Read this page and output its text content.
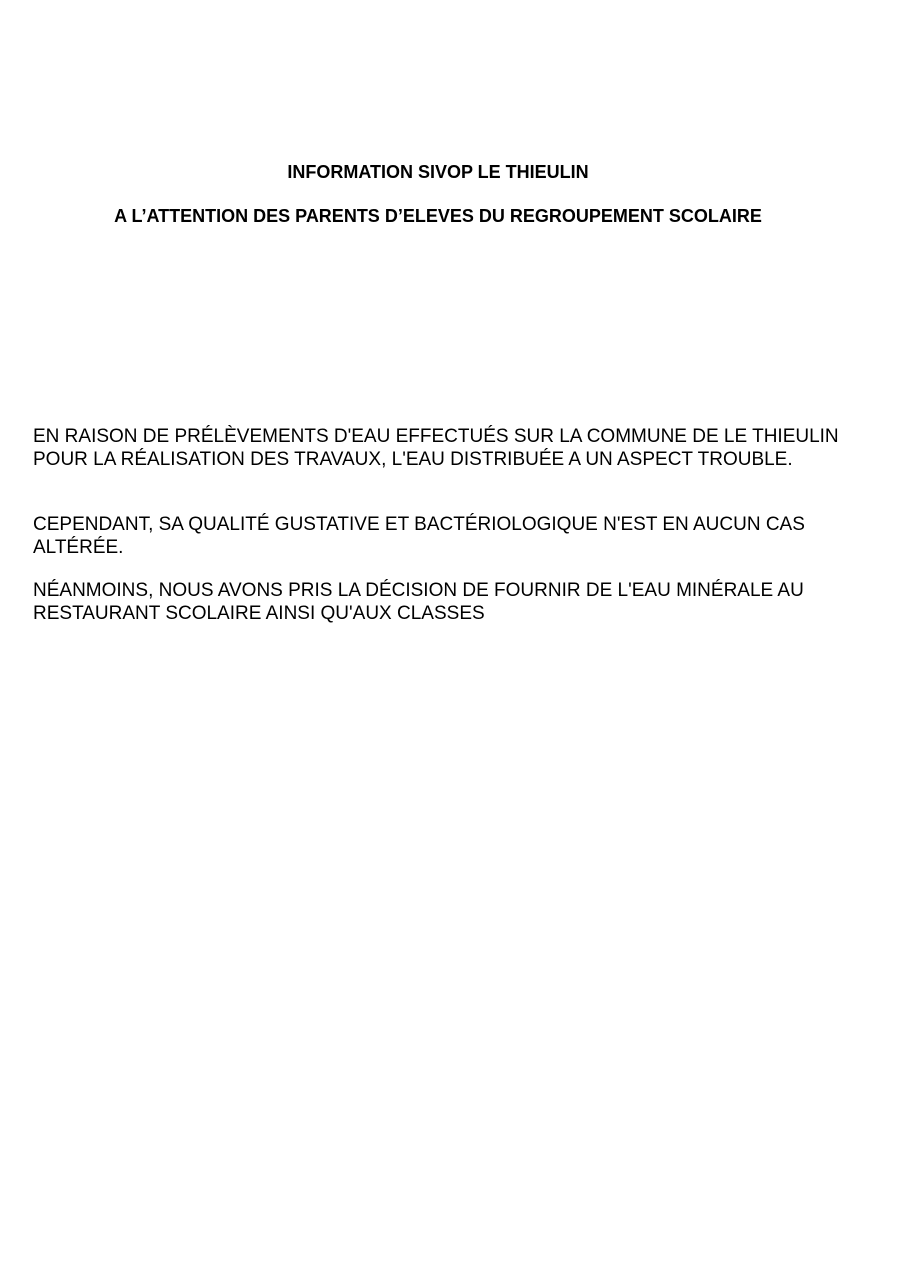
INFORMATION SIVOP LE THIEULIN
A L’ATTENTION DES PARENTS D’ELEVES DU REGROUPEMENT SCOLAIRE

EN RAISON DE PRÉLÈVEMENTS D'EAU EFFECTUÉS SUR LA COMMUNE DE LE THIEULIN POUR LA RÉALISATION DES TRAVAUX, L'EAU DISTRIBUÉE A UN ASPECT TROUBLE.

CEPENDANT, SA QUALITÉ GUSTATIVE ET BACTÉRIOLOGIQUE N'EST EN AUCUN CAS ALTÉRÉE.

NÉANMOINS, NOUS AVONS PRIS LA DÉCISION DE FOURNIR DE L'EAU MINÉRALE AU RESTAURANT SCOLAIRE AINSI QU'AUX CLASSES
